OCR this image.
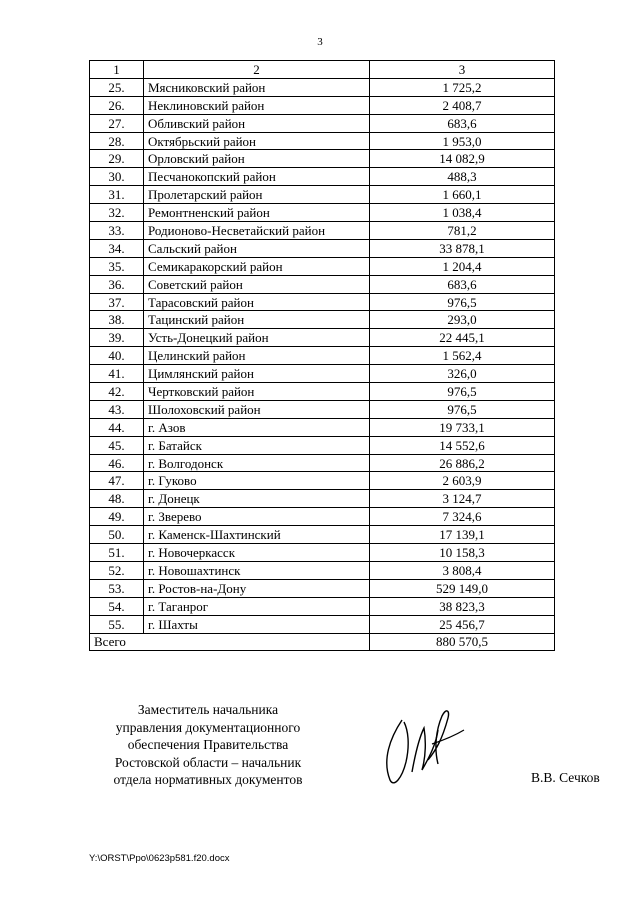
3
1	2	3
25.	Мясниковский район	1 725,2
26.	Неклиновский район	2 408,7
27.	Обливский район	683,6
28.	Октябрьский район	1 953,0
29.	Орловский район	14 082,9
30.	Песчанокопский район	488,3
31.	Пролетарский район	1 660,1
32.	Ремонтненский район	1 038,4
33.	Родионово-Несветайский район	781,2
34.	Сальский район	33 878,1
35.	Семикаракорский район	1 204,4
36.	Советский район	683,6
37.	Тарасовский район	976,5
38.	Тацинский район	293,0
39.	Усть-Донецкий район	22 445,1
40.	Целинский район	1 562,4
41.	Цимлянский район	326,0
42.	Чертковский район	976,5
43.	Шолоховский район	976,5
44.	г. Азов	19 733,1
45.	г. Батайск	14 552,6
46.	г. Волгодонск	26 886,2
47.	г. Гуково	2 603,9
48.	г. Донецк	3 124,7
49.	г. Зверево	7 324,6
50.	г. Каменск-Шахтинский	17 139,1
51.	г. Новочеркасск	10 158,3
52.	г. Новошахтинск	3 808,4
53.	г. Ростов-на-Дону	529 149,0
54.	г. Таганрог	38 823,3
55.	г. Шахты	25 456,7
Всего		880 570,5
Заместитель начальника
управления документационного
обеспечения Правительства
Ростовской области – начальник
отдела нормативных документов	В.В. Сечков
Y:\ORST\Ppo\0623p581.f20.docx
